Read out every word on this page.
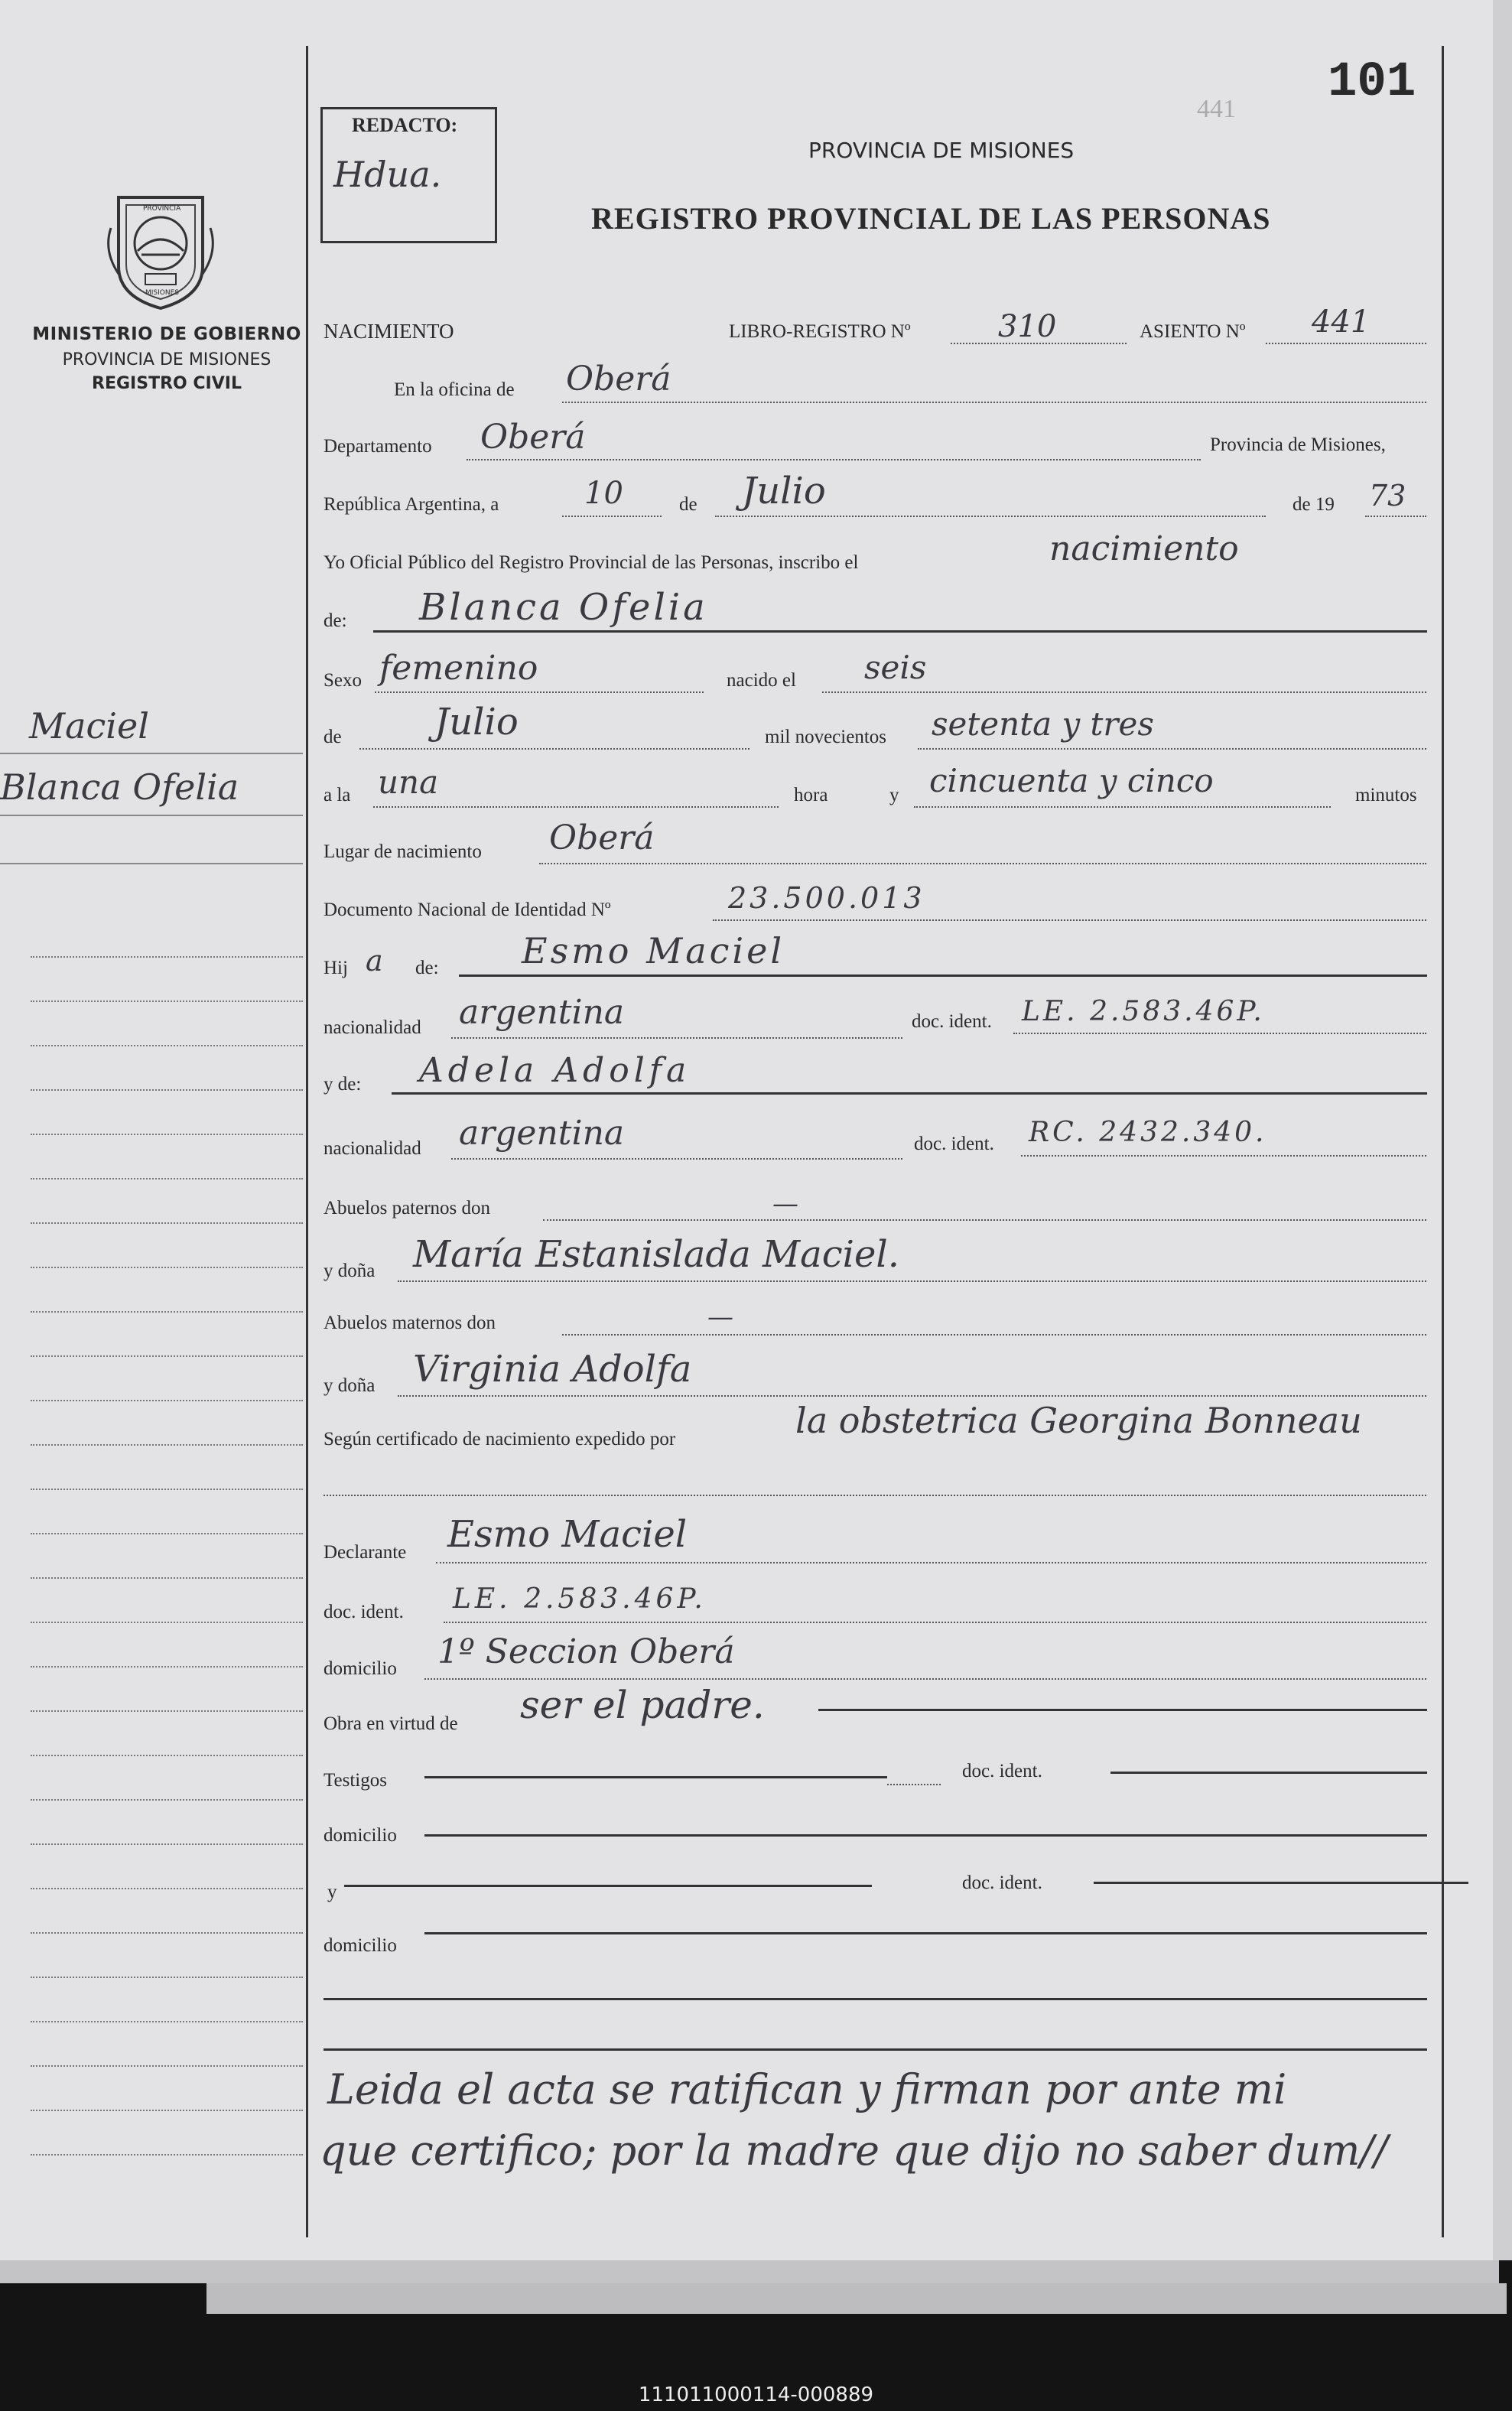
PROVINCIA
MISIONES
MINISTERIO DE GOBIERNO
PROVINCIA DE MISIONES
REGISTRO CIVIL
Maciel
Blanca Ofelia
REDACTO:
Hdua.
101
441
PROVINCIA DE MISIONES
REGISTRO PROVINCIAL DE LAS PERSONAS
NACIMIENTO	LIBRO-REGISTRO Nº	310	ASIENTO Nº 441
En la oficina de Oberá
Departamento Oberá	Provincia de Misiones,
República Argentina, a	10	de Julio	de 19 73
Yo Oficial Público del Registro Provincial de las Personas, inscribo el	nacimiento
de: Blanca Ofelia
Sexo femenino	nacido el seis
de	Julio	mil novecientos setenta y tres
a la una	hora	y cincuenta y cinco	minutos
Lugar de nacimiento Oberá
Documento Nacional de Identidad Nº	23.500.013
Hij a de: Esmo Maciel
nacionalidad argentina	doc. ident. LE. 2.583.46P.
y de: Adela Adolfa
nacionalidad argentina	doc. ident. RC. 2432.340.
Abuelos paternos don	—
y doña María Estanislada Maciel.
Abuelos maternos don	—
y doña Virginia Adolfa
Según certificado de nacimiento expedido por	la obstetrica Georgina Bonneau
Declarante Esmo Maciel
doc. ident. LE. 2.583.46P.
domicilio 1º Seccion Oberá
Obra en virtud de ser el padre.
Testigos	doc. ident.
domicilio
y	doc. ident.
domicilio
Leida el acta se ratifican y firman por ante mi
que certifico; por la madre que dijo no saber dum//
111011000114-000889
